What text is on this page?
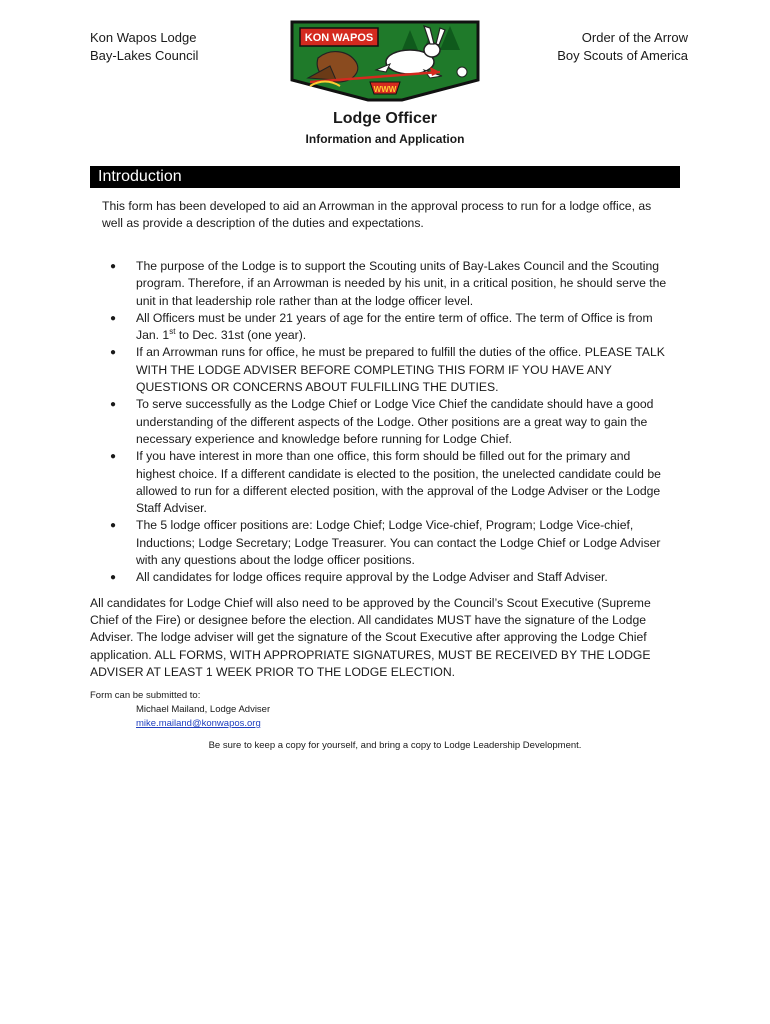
Kon Wapos Lodge
Bay-Lakes Council
KON WAPOS
WWW
Order of the Arrow
Boy Scouts of America
Lodge Officer
Information and Application
Introduction
This form has been developed to aid an Arrowman in the approval process to run for a lodge office, as well as provide a description of the duties and expectations.
● The purpose of the Lodge is to support the Scouting units of Bay-Lakes Council and the Scouting program. Therefore, if an Arrowman is needed by his unit, in a critical position, he should serve the unit in that leadership role rather than at the lodge officer level.
● All Officers must be under 21 years of age for the entire term of office. The term of Office is from Jan. 1st to Dec. 31st (one year).
● If an Arrowman runs for office, he must be prepared to fulfill the duties of the office. PLEASE TALK WITH THE LODGE ADVISER BEFORE COMPLETING THIS FORM IF YOU HAVE ANY QUESTIONS OR CONCERNS ABOUT FULFILLING THE DUTIES.
● To serve successfully as the Lodge Chief or Lodge Vice Chief the candidate should have a good understanding of the different aspects of the Lodge. Other positions are a great way to gain the necessary experience and knowledge before running for Lodge Chief.
● If you have interest in more than one office, this form should be filled out for the primary and highest choice. If a different candidate is elected to the position, the unelected candidate could be allowed to run for a different elected position, with the approval of the Lodge Adviser or the Lodge Staff Adviser.
● The 5 lodge officer positions are: Lodge Chief; Lodge Vice-chief, Program; Lodge Vice-chief, Inductions; Lodge Secretary; Lodge Treasurer. You can contact the Lodge Chief or Lodge Adviser with any questions about the lodge officer positions.
● All candidates for lodge offices require approval by the Lodge Adviser and Staff Adviser.
All candidates for Lodge Chief will also need to be approved by the Council’s Scout Executive (Supreme Chief of the Fire) or designee before the election. All candidates MUST have the signature of the Lodge Adviser. The lodge adviser will get the signature of the Scout Executive after approving the Lodge Chief application. ALL FORMS, WITH APPROPRIATE SIGNATURES, MUST BE RECEIVED BY THE LODGE ADVISER AT LEAST 1 WEEK PRIOR TO THE LODGE ELECTION.
Form can be submitted to:
Michael Mailand, Lodge Adviser
mike.mailand@konwapos.org
Be sure to keep a copy for yourself, and bring a copy to Lodge Leadership Development.
